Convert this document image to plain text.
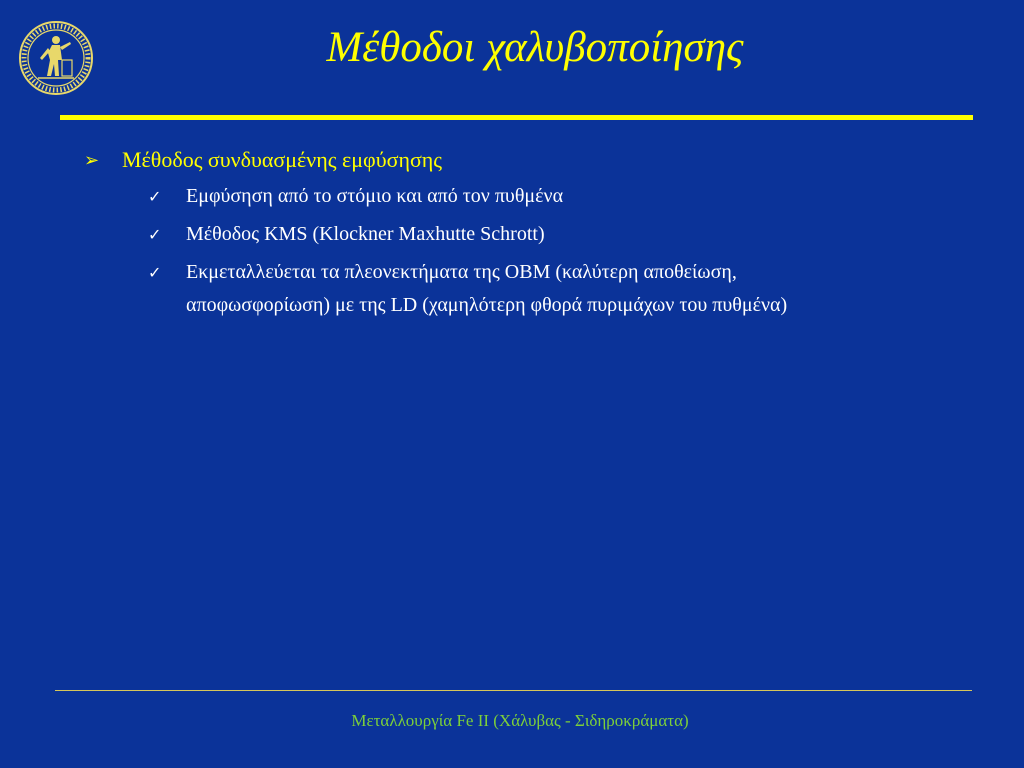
Μέθοδοι χαλυβοποίησης
➢ Μέθοδος συνδυασμένης εμφύσησης
✓ Εμφύσηση από το στόμιο και από τον πυθμένα
✓ Μέθοδος KMS (Klockner Maxhutte Schrott)
✓ Εκμεταλλεύεται τα πλεονεκτήματα της OBM (καλύτερη αποθείωση,
αποφωσφορίωση) με της LD (χαμηλότερη φθορά πυριμάχων του πυθμένα)
Μεταλλουργία Fe II (Χάλυβας - Σιδηροκράματα)
